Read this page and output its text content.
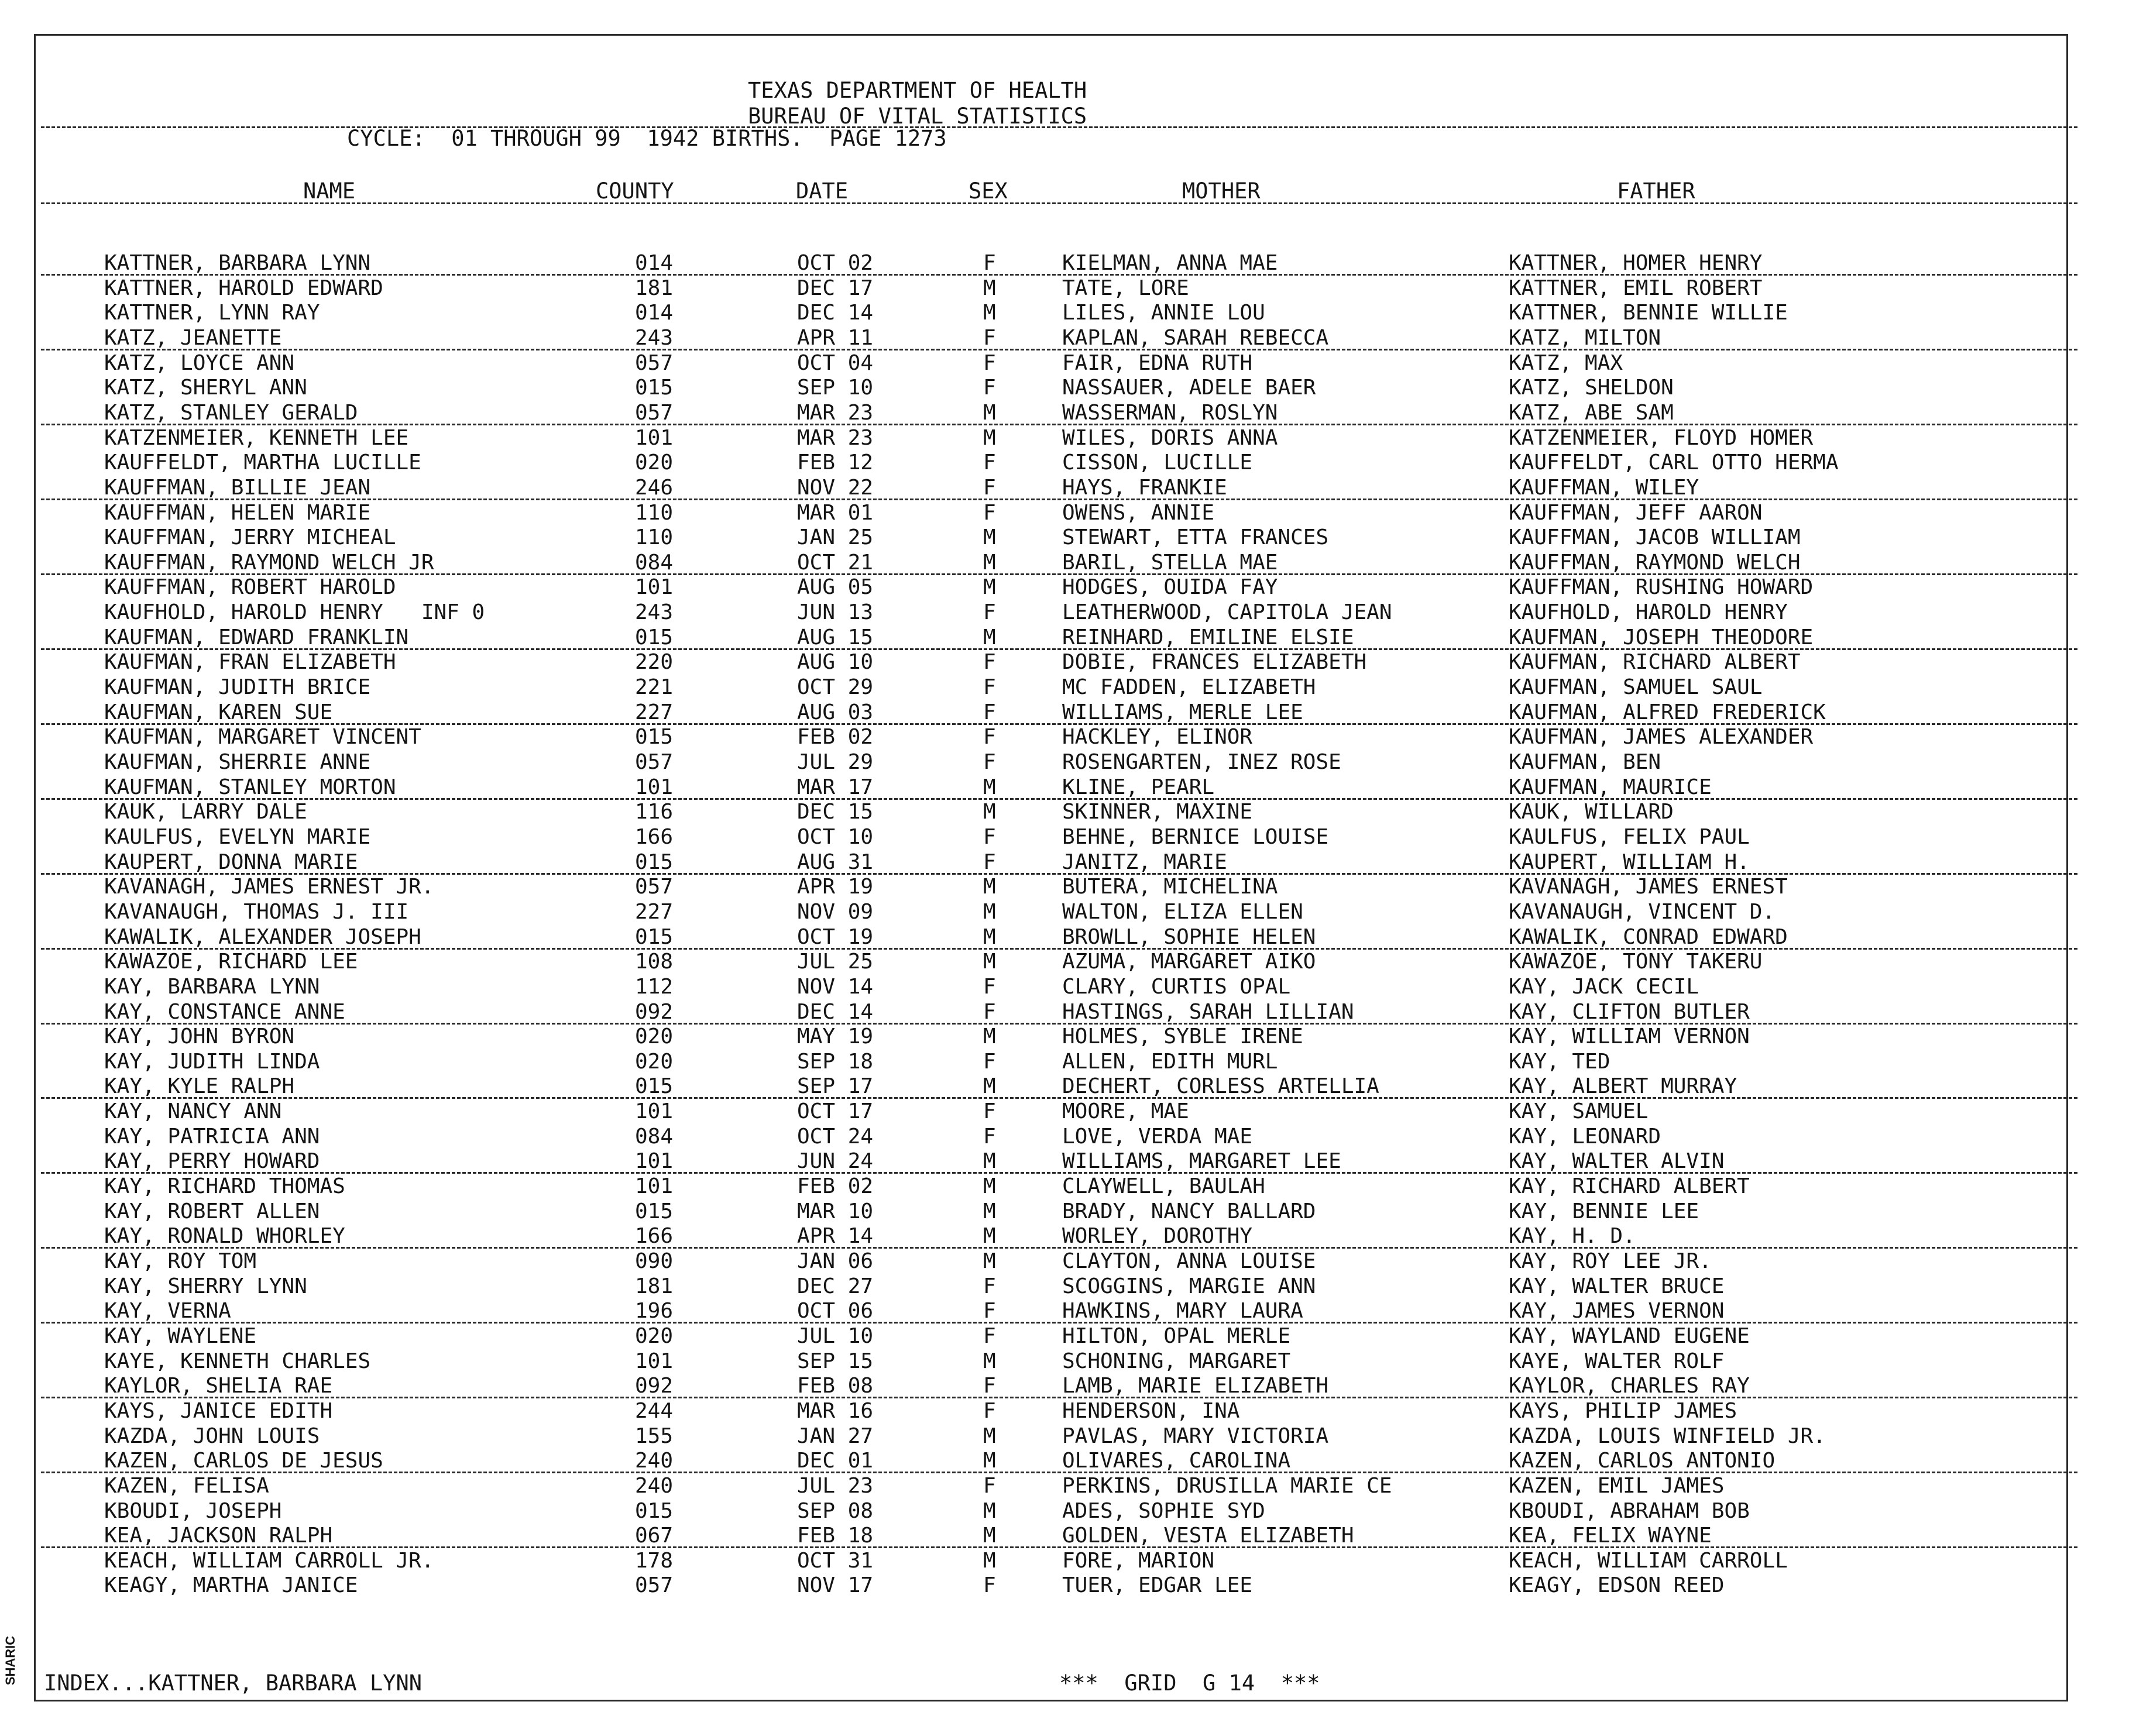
TEXAS DEPARTMENT OF HEALTH
BUREAU OF VITAL STATISTICS
CYCLE:  01 THROUGH 99  1942 BIRTHS.  PAGE 1273
NAME	COUNTY	DATE	SEX	MOTHER	FATHER
KATTNER, BARBARA LYNN	014	OCT 02	F	KIELMAN, ANNA MAE	KATTNER, HOMER HENRY
KATTNER, HAROLD EDWARD	181	DEC 17	M	TATE, LORE	KATTNER, EMIL ROBERT
KATTNER, LYNN RAY	014	DEC 14	M	LILES, ANNIE LOU	KATTNER, BENNIE WILLIE
KATZ, JEANETTE	243	APR 11	F	KAPLAN, SARAH REBECCA	KATZ, MILTON
KATZ, LOYCE ANN	057	OCT 04	F	FAIR, EDNA RUTH	KATZ, MAX
KATZ, SHERYL ANN	015	SEP 10	F	NASSAUER, ADELE BAER	KATZ, SHELDON
KATZ, STANLEY GERALD	057	MAR 23	M	WASSERMAN, ROSLYN	KATZ, ABE SAM
KATZENMEIER, KENNETH LEE	101	MAR 23	M	WILES, DORIS ANNA	KATZENMEIER, FLOYD HOMER
KAUFFELDT, MARTHA LUCILLE	020	FEB 12	F	CISSON, LUCILLE	KAUFFELDT, CARL OTTO HERMA
KAUFFMAN, BILLIE JEAN	246	NOV 22	F	HAYS, FRANKIE	KAUFFMAN, WILEY
KAUFFMAN, HELEN MARIE	110	MAR 01	F	OWENS, ANNIE	KAUFFMAN, JEFF AARON
KAUFFMAN, JERRY MICHEAL	110	JAN 25	M	STEWART, ETTA FRANCES	KAUFFMAN, JACOB WILLIAM
KAUFFMAN, RAYMOND WELCH JR	084	OCT 21	M	BARIL, STELLA MAE	KAUFFMAN, RAYMOND WELCH
KAUFFMAN, ROBERT HAROLD	101	AUG 05	M	HODGES, OUIDA FAY	KAUFFMAN, RUSHING HOWARD
KAUFHOLD, HAROLD HENRY   INF 0	243	JUN 13	F	LEATHERWOOD, CAPITOLA JEAN	KAUFHOLD, HAROLD HENRY
KAUFMAN, EDWARD FRANKLIN	015	AUG 15	M	REINHARD, EMILINE ELSIE	KAUFMAN, JOSEPH THEODORE
KAUFMAN, FRAN ELIZABETH	220	AUG 10	F	DOBIE, FRANCES ELIZABETH	KAUFMAN, RICHARD ALBERT
KAUFMAN, JUDITH BRICE	221	OCT 29	F	MC FADDEN, ELIZABETH	KAUFMAN, SAMUEL SAUL
KAUFMAN, KAREN SUE	227	AUG 03	F	WILLIAMS, MERLE LEE	KAUFMAN, ALFRED FREDERICK
KAUFMAN, MARGARET VINCENT	015	FEB 02	F	HACKLEY, ELINOR	KAUFMAN, JAMES ALEXANDER
KAUFMAN, SHERRIE ANNE	057	JUL 29	F	ROSENGARTEN, INEZ ROSE	KAUFMAN, BEN
KAUFMAN, STANLEY MORTON	101	MAR 17	M	KLINE, PEARL	KAUFMAN, MAURICE
KAUK, LARRY DALE	116	DEC 15	M	SKINNER, MAXINE	KAUK, WILLARD
KAULFUS, EVELYN MARIE	166	OCT 10	F	BEHNE, BERNICE LOUISE	KAULFUS, FELIX PAUL
KAUPERT, DONNA MARIE	015	AUG 31	F	JANITZ, MARIE	KAUPERT, WILLIAM H.
KAVANAGH, JAMES ERNEST JR.	057	APR 19	M	BUTERA, MICHELINA	KAVANAGH, JAMES ERNEST
KAVANAUGH, THOMAS J. III	227	NOV 09	M	WALTON, ELIZA ELLEN	KAVANAUGH, VINCENT D.
KAWALIK, ALEXANDER JOSEPH	015	OCT 19	M	BROWLL, SOPHIE HELEN	KAWALIK, CONRAD EDWARD
KAWAZOE, RICHARD LEE	108	JUL 25	M	AZUMA, MARGARET AIKO	KAWAZOE, TONY TAKERU
KAY, BARBARA LYNN	112	NOV 14	F	CLARY, CURTIS OPAL	KAY, JACK CECIL
KAY, CONSTANCE ANNE	092	DEC 14	F	HASTINGS, SARAH LILLIAN	KAY, CLIFTON BUTLER
KAY, JOHN BYRON	020	MAY 19	M	HOLMES, SYBLE IRENE	KAY, WILLIAM VERNON
KAY, JUDITH LINDA	020	SEP 18	F	ALLEN, EDITH MURL	KAY, TED
KAY, KYLE RALPH	015	SEP 17	M	DECHERT, CORLESS ARTELLIA	KAY, ALBERT MURRAY
KAY, NANCY ANN	101	OCT 17	F	MOORE, MAE	KAY, SAMUEL
KAY, PATRICIA ANN	084	OCT 24	F	LOVE, VERDA MAE	KAY, LEONARD
KAY, PERRY HOWARD	101	JUN 24	M	WILLIAMS, MARGARET LEE	KAY, WALTER ALVIN
KAY, RICHARD THOMAS	101	FEB 02	M	CLAYWELL, BAULAH	KAY, RICHARD ALBERT
KAY, ROBERT ALLEN	015	MAR 10	M	BRADY, NANCY BALLARD	KAY, BENNIE LEE
KAY, RONALD WHORLEY	166	APR 14	M	WORLEY, DOROTHY	KAY, H. D.
KAY, ROY TOM	090	JAN 06	M	CLAYTON, ANNA LOUISE	KAY, ROY LEE JR.
KAY, SHERRY LYNN	181	DEC 27	F	SCOGGINS, MARGIE ANN	KAY, WALTER BRUCE
KAY, VERNA	196	OCT 06	F	HAWKINS, MARY LAURA	KAY, JAMES VERNON
KAY, WAYLENE	020	JUL 10	F	HILTON, OPAL MERLE	KAY, WAYLAND EUGENE
KAYE, KENNETH CHARLES	101	SEP 15	M	SCHONING, MARGARET	KAYE, WALTER ROLF
KAYLOR, SHELIA RAE	092	FEB 08	F	LAMB, MARIE ELIZABETH	KAYLOR, CHARLES RAY
KAYS, JANICE EDITH	244	MAR 16	F	HENDERSON, INA	KAYS, PHILIP JAMES
KAZDA, JOHN LOUIS	155	JAN 27	M	PAVLAS, MARY VICTORIA	KAZDA, LOUIS WINFIELD JR.
KAZEN, CARLOS DE JESUS	240	DEC 01	M	OLIVARES, CAROLINA	KAZEN, CARLOS ANTONIO
KAZEN, FELISA	240	JUL 23	F	PERKINS, DRUSILLA MARIE CE	KAZEN, EMIL JAMES
KBOUDI, JOSEPH	015	SEP 08	M	ADES, SOPHIE SYD	KBOUDI, ABRAHAM BOB
KEA, JACKSON RALPH	067	FEB 18	M	GOLDEN, VESTA ELIZABETH	KEA, FELIX WAYNE
KEACH, WILLIAM CARROLL JR.	178	OCT 31	M	FORE, MARION	KEACH, WILLIAM CARROLL
KEAGY, MARTHA JANICE	057	NOV 17	F	TUER, EDGAR LEE	KEAGY, EDSON REED
INDEX...KATTNER, BARBARA LYNN	***  GRID  G 14  ***
SHARIC
